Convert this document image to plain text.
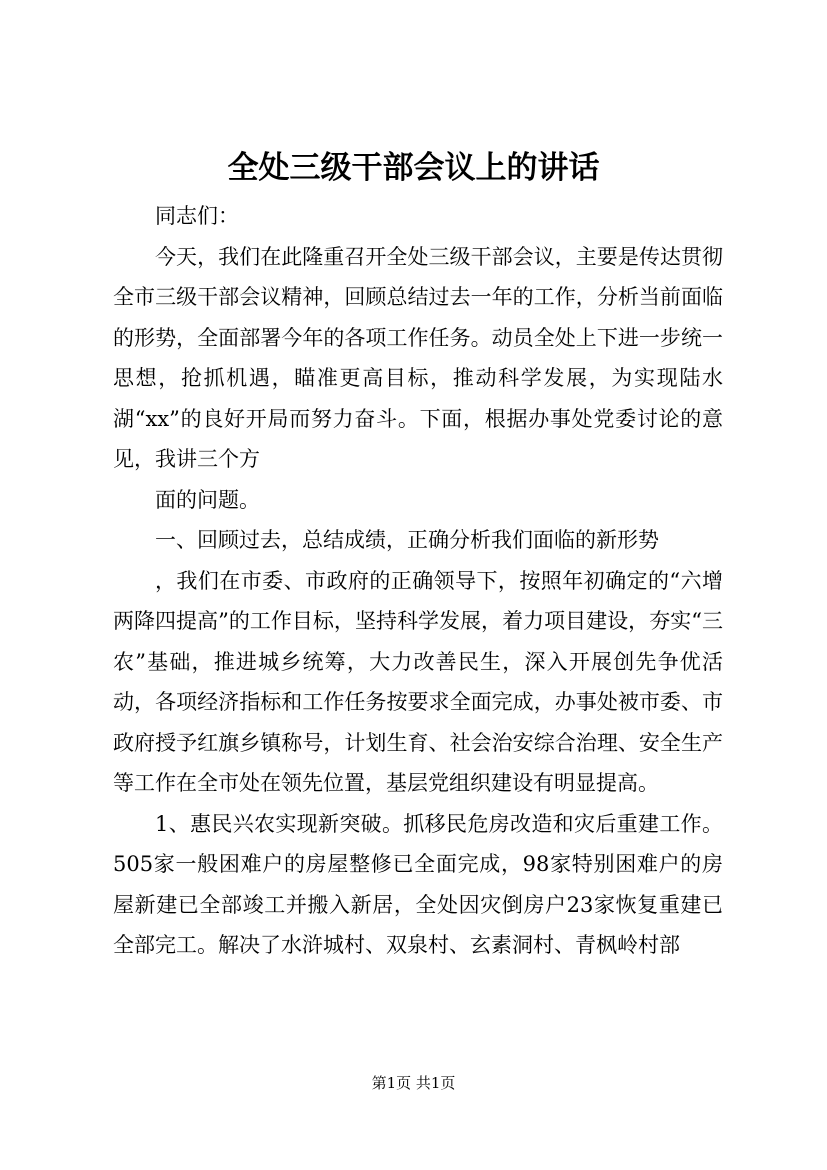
全处三级干部会议上的讲话

同志们：

今天，我们在此隆重召开全处三级干部会议，主要是传达贯彻全市三级干部会议精神，回顾总结过去一年的工作，分析当前面临的形势，全面部署今年的各项工作任务。动员全处上下进一步统一思想，抢抓机遇，瞄准更高目标，推动科学发展，为实现陆水湖“xx”的良好开局而努力奋斗。下面，根据办事处党委讨论的意见，我讲三个方

面的问题。

一、回顾过去，总结成绩，正确分析我们面临的新形势

，我们在市委、市政府的正确领导下，按照年初确定的“六增两降四提高”的工作目标，坚持科学发展，着力项目建设，夯实“三农”基础，推进城乡统筹，大力改善民生，深入开展创先争优活动，各项经济指标和工作任务按要求全面完成，办事处被市委、市政府授予红旗乡镇称号，计划生育、社会治安综合治理、安全生产等工作在全市处在领先位置，基层党组织建设有明显提高。

1、惠民兴农实现新突破。抓移民危房改造和灾后重建工作。505家一般困难户的房屋整修已全面完成，98家特别困难户的房屋新建已全部竣工并搬入新居，全处因灾倒房户23家恢复重建已全部完工。解决了水浒城村、双泉村、玄素洞村、青枫岭村部

第1页 共1页
